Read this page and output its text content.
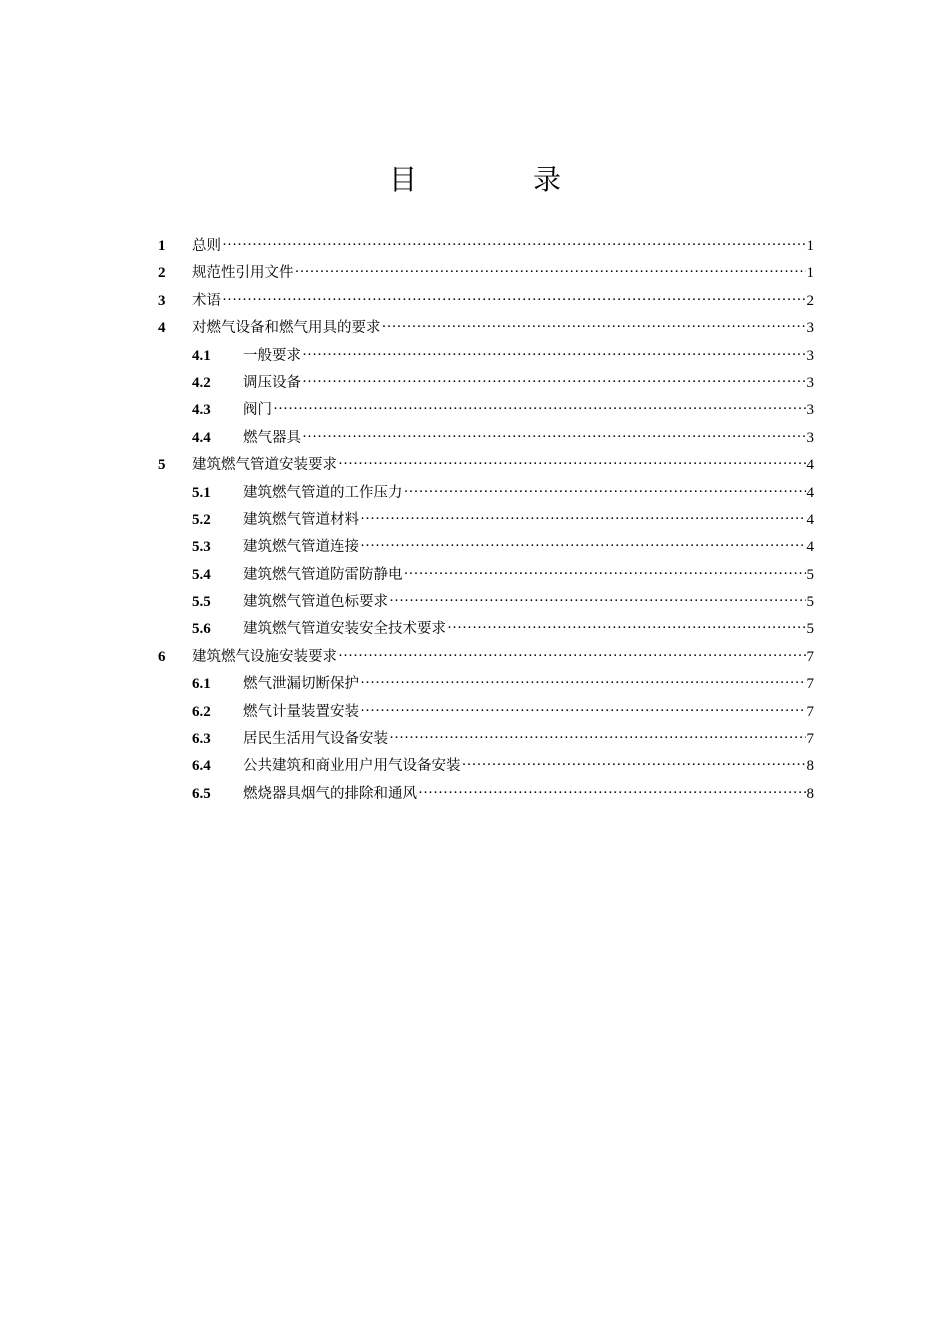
目　录
1	总则 ·····	1
2	规范性引用文件 ·····	1
3	术语 ·····	2
4	对燃气设备和燃气用具的要求 ·····	3
4.1	一般要求 ·····	3
4.2	调压设备 ·····	3
4.3	阀门 ·····	3
4.4	燃气器具 ·····	3
5	建筑燃气管道安装要求 ·····	4
5.1	建筑燃气管道的工作压力 ·····	4
5.2	建筑燃气管道材料 ·····	4
5.3	建筑燃气管道连接 ·····	4
5.4	建筑燃气管道防雷防静电 ·····	5
5.5	建筑燃气管道色标要求 ·····	5
5.6	建筑燃气管道安装安全技术要求 ·····	5
6	建筑燃气设施安装要求 ·····	7
6.1	燃气泄漏切断保护 ·····	7
6.2	燃气计量装置安装 ·····	7
6.3	居民生活用气设备安装 ·····	7
6.4	公共建筑和商业用户用气设备安装 ·····	8
6.5	燃烧器具烟气的排除和通风 ·····	8
